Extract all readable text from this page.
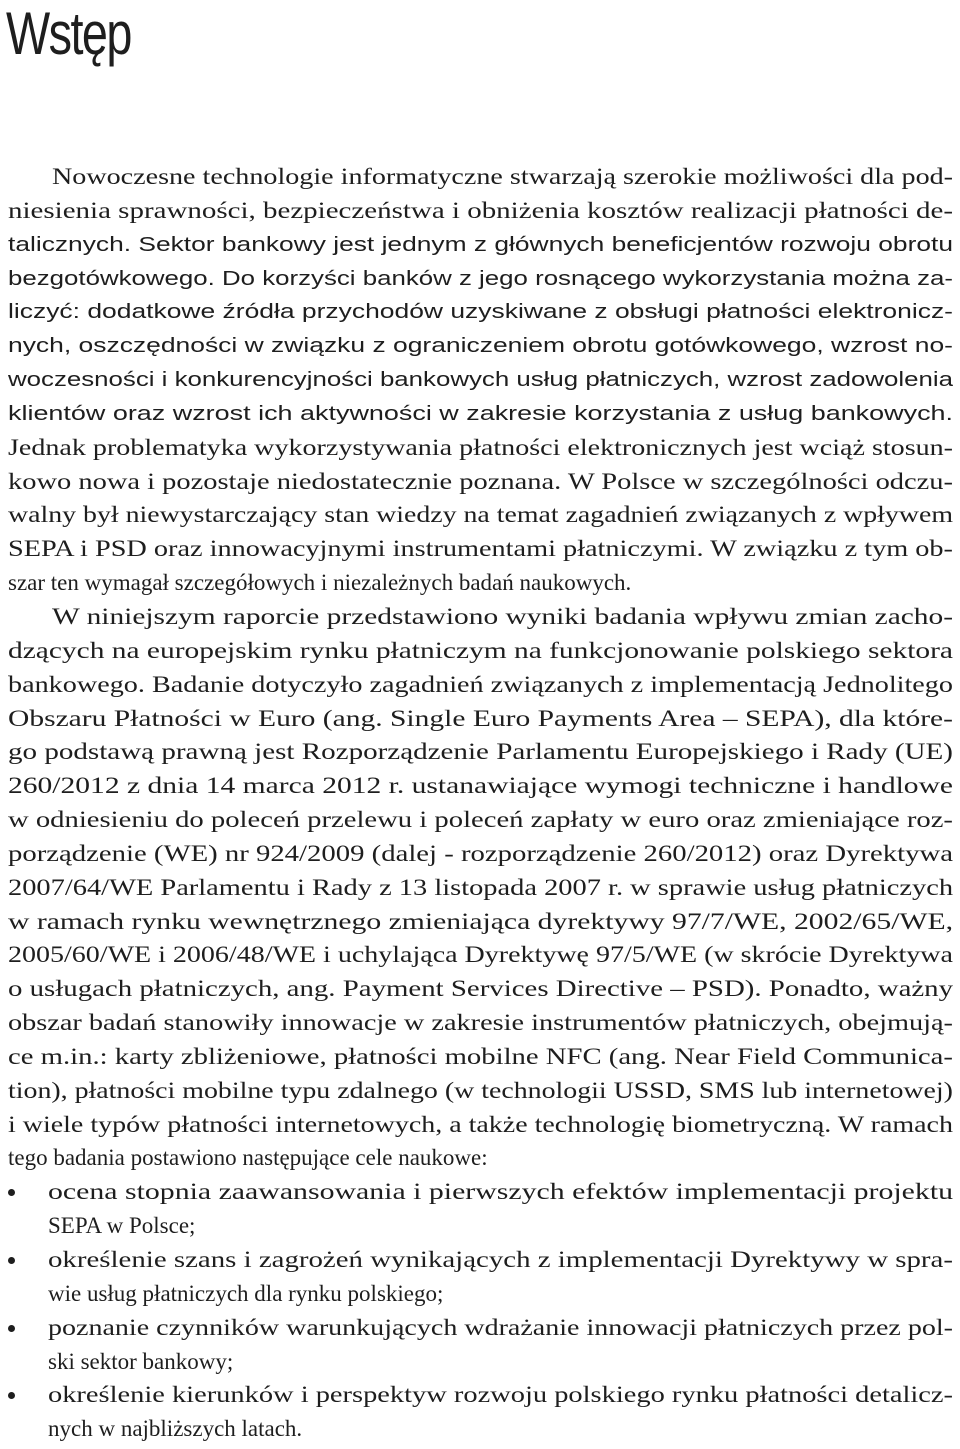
Wstęp
Nowoczesne technologie informatyczne stwarzają szerokie możliwości dla pod-
niesienia sprawności, bezpieczeństwa i obniżenia kosztów realizacji płatności de-
talicznych. Sektor bankowy jest jednym z głównych beneficjentów rozwoju obrotu
bezgotówkowego. Do korzyści banków z jego rosnącego wykorzystania można za-
liczyć: dodatkowe źródła przychodów uzyskiwane z obsługi płatności elektronicz-
nych, oszczędności w związku z ograniczeniem obrotu gotówkowego, wzrost no-
woczesności i konkurencyjności bankowych usług płatniczych, wzrost zadowolenia
klientów oraz wzrost ich aktywności w zakresie korzystania z usług bankowych.
Jednak problematyka wykorzystywania płatności elektronicznych jest wciąż stosun-
kowo nowa i pozostaje niedostatecznie poznana. W Polsce w szczególności odczu-
walny był niewystarczający stan wiedzy na temat zagadnień związanych z wpływem
SEPA i PSD oraz innowacyjnymi instrumentami płatniczymi. W związku z tym ob-
szar ten wymagał szczegółowych i niezależnych badań naukowych.
W niniejszym raporcie przedstawiono wyniki badania wpływu zmian zacho-
dzących na europejskim rynku płatniczym na funkcjonowanie polskiego sektora
bankowego. Badanie dotyczyło zagadnień związanych z implementacją Jednolitego
Obszaru Płatności w Euro (ang. Single Euro Payments Area – SEPA), dla które-
go podstawą prawną jest Rozporządzenie Parlamentu Europejskiego i Rady (UE)
260/2012 z dnia 14 marca 2012 r. ustanawiające wymogi techniczne i handlowe
w odniesieniu do poleceń przelewu i poleceń zapłaty w euro oraz zmieniające roz-
porządzenie (WE) nr 924/2009 (dalej - rozporządzenie 260/2012) oraz Dyrektywa
2007/64/WE Parlamentu i Rady z 13 listopada 2007 r. w sprawie usług płatniczych
w ramach rynku wewnętrznego zmieniająca dyrektywy 97/7/WE, 2002/65/WE,
2005/60/WE i 2006/48/WE i uchylająca Dyrektywę 97/5/WE (w skrócie Dyrektywa
o usługach płatniczych, ang. Payment Services Directive – PSD). Ponadto, ważny
obszar badań stanowiły innowacje w zakresie instrumentów płatniczych, obejmują-
ce m.in.: karty zbliżeniowe, płatności mobilne NFC (ang. Near Field Communica-
tion), płatności mobilne typu zdalnego (w technologii USSD, SMS lub internetowej)
i wiele typów płatności internetowych, a także technologię biometryczną. W ramach
tego badania postawiono następujące cele naukowe:
ocena stopnia zaawansowania i pierwszych efektów implementacji projektu
SEPA w Polsce;
określenie szans i zagrożeń wynikających z implementacji Dyrektywy w spra-
wie usług płatniczych dla rynku polskiego;
poznanie czynników warunkujących wdrażanie innowacji płatniczych przez pol-
ski sektor bankowy;
określenie kierunków i perspektyw rozwoju polskiego rynku płatności detalicz-
nych w najbliższych latach.
